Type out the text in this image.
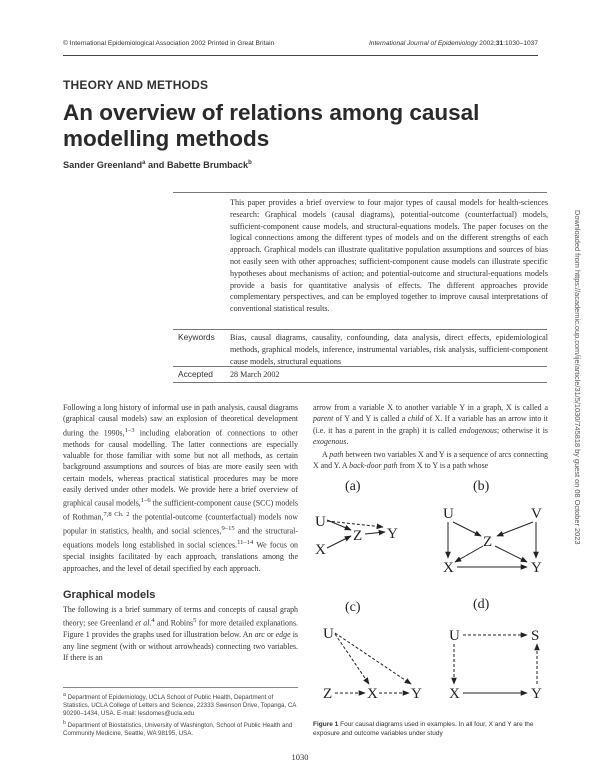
© International Epidemiological Association 2002 Printed in Great Britain	International Journal of Epidemiology 2002;31:1030–1037
THEORY AND METHODS
An overview of relations among causal modelling methods
Sander Greenland$^a$ and Babette Brumback$^b$
This paper provides a brief overview to four major types of causal models for health-sciences research: Graphical models (causal diagrams), potential-outcome (counterfactual) models, sufficient-component cause models, and structural-equations models. The paper focuses on the logical connections among the different types of models and on the different strengths of each approach. Graphical models can illustrate qualitative population assumptions and sources of bias not easily seen with other approaches; sufficient-component cause models can illustrate specific hypotheses about mechanisms of action; and potential-outcome and structural-equations models provide a basis for quantitative analysis of effects. The different approaches provide complementary perspectives, and can be employed together to improve causal interpretations of conventional statistical results.
Keywords Bias, causal diagrams, causality, confounding, data analysis, direct effects, epidemiological methods, graphical models, inference, instrumental variables, risk analysis, sufficient-component cause models, structural equations
Accepted 28 March 2002

Following a long history of informal use in path analysis, causal diagrams (graphical causal models) saw an explosion of theoretical development during the 1990s,$^{1-3}$ including elaboration of connections to other methods for causal modelling. The latter connections are especially valuable for those familiar with some but not all methods, as certain background assumptions and sources of bias are more easily seen with certain models, whereas practical statistical procedures may be more easily derived under other models. We provide here a brief overview of graphical causal models,$^{1-6}$ the sufficient-component cause (SCC) models of Rothman,$^{7,8 Ch. 2}$ the potential-outcome (counterfactual) models now popular in statistics, health, and social sciences,$^{9-15}$ and the structural-equations models long established in social sciences.$^{11-14}$ We focus on special insights facilitated by each approach, translations among the approaches, and the level of detail specified by each approach.

Graphical models

The following is a brief summary of terms and concepts of causal graph theory; see Greenland et al.$^4$ and Robins$^5$ for more detailed explanations. Figure 1 provides the graphs used for illustration below. An arc or edge is any line segment (with or without arrowheads) connecting two variables. If there is an

$^a$ Department of Epidemiology, UCLA School of Public Health, Department of Statistics, UCLA College of Letters and Science, 22333 Swenson Drive, Topanga, CA 90290–1434, USA. E-mail: lesdomes@ucla.edu
$^b$ Department of Biostatistics, University of Washington, School of Public Health and Community Medicine, Seattle, WA 98195, USA.

arrow from a variable X to another variable Y in a graph, X is called a parent of Y and Y is called a child of X. If a variable has an arrow into it (i.e. it has a parent in the graph) it is called endogenous; otherwise it is exogenous.

A path between two variables X and Y is a sequence of arcs connecting X and Y. A back-door path from X to Y is a path whose

(a)
U
X
Z Y
(b)
U	V
Z
X	Y
(c)
U
Z X Y
(d)
U	S
X	Y
Figure 1 Four causal diagrams used in examples. In all four, X and Y are the exposure and outcome variables under study
1030
Downloaded from https://academic.oup.com/ije/article/31/5/1030/745818 by guest on 08 October 2023
